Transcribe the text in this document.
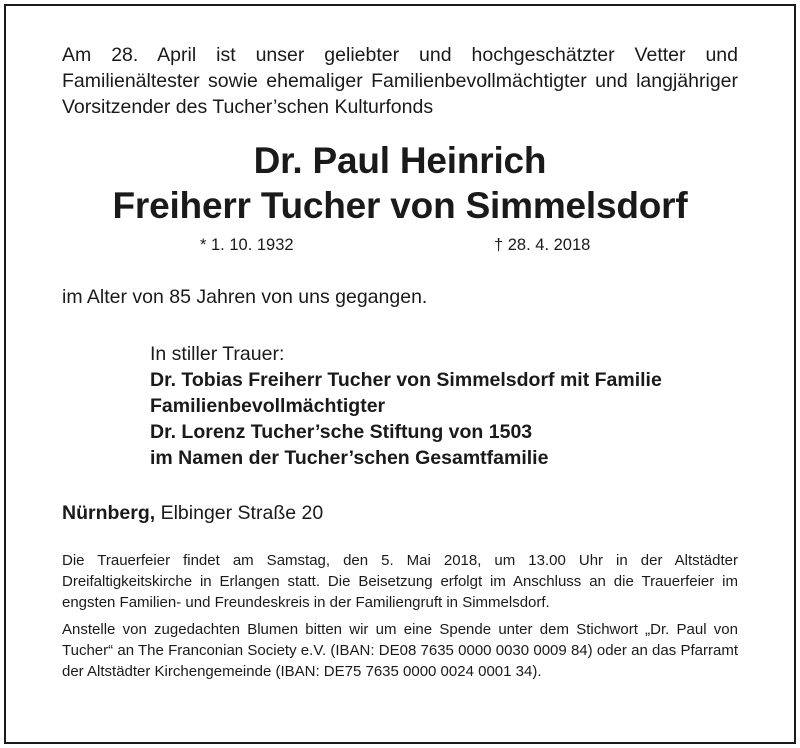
Am 28. April ist unser geliebter und hochgeschätzter Vetter und Familienältester sowie ehemaliger Familienbevollmächtigter und langjähriger Vorsitzender des Tucher’schen Kulturfonds

Dr. Paul Heinrich
Freiherr Tucher von Simmelsdorf
* 1. 10. 1932	† 28. 4. 2018

im Alter von 85 Jahren von uns gegangen.

In stiller Trauer:
Dr. Tobias Freiherr Tucher von Simmelsdorf mit Familie
Familienbevollmächtigter
Dr. Lorenz Tucher’sche Stiftung von 1503
im Namen der Tucher’schen Gesamtfamilie

Nürnberg, Elbinger Straße 20

Die Trauerfeier findet am Samstag, den 5. Mai 2018, um 13.00 Uhr in der Altstädter Dreifaltigkeitskirche in Erlangen statt. Die Beisetzung erfolgt im Anschluss an die Trauerfeier im engsten Familien- und Freundeskreis in der Familiengruft in Simmelsdorf.

Anstelle von zugedachten Blumen bitten wir um eine Spende unter dem Stichwort „Dr. Paul von Tucher“ an The Franconian Society e.V. (IBAN: DE08 7635 0000 0030 0009 84) oder an das Pfarramt der Altstädter Kirchengemeinde (IBAN: DE75 7635 0000 0024 0001 34).
